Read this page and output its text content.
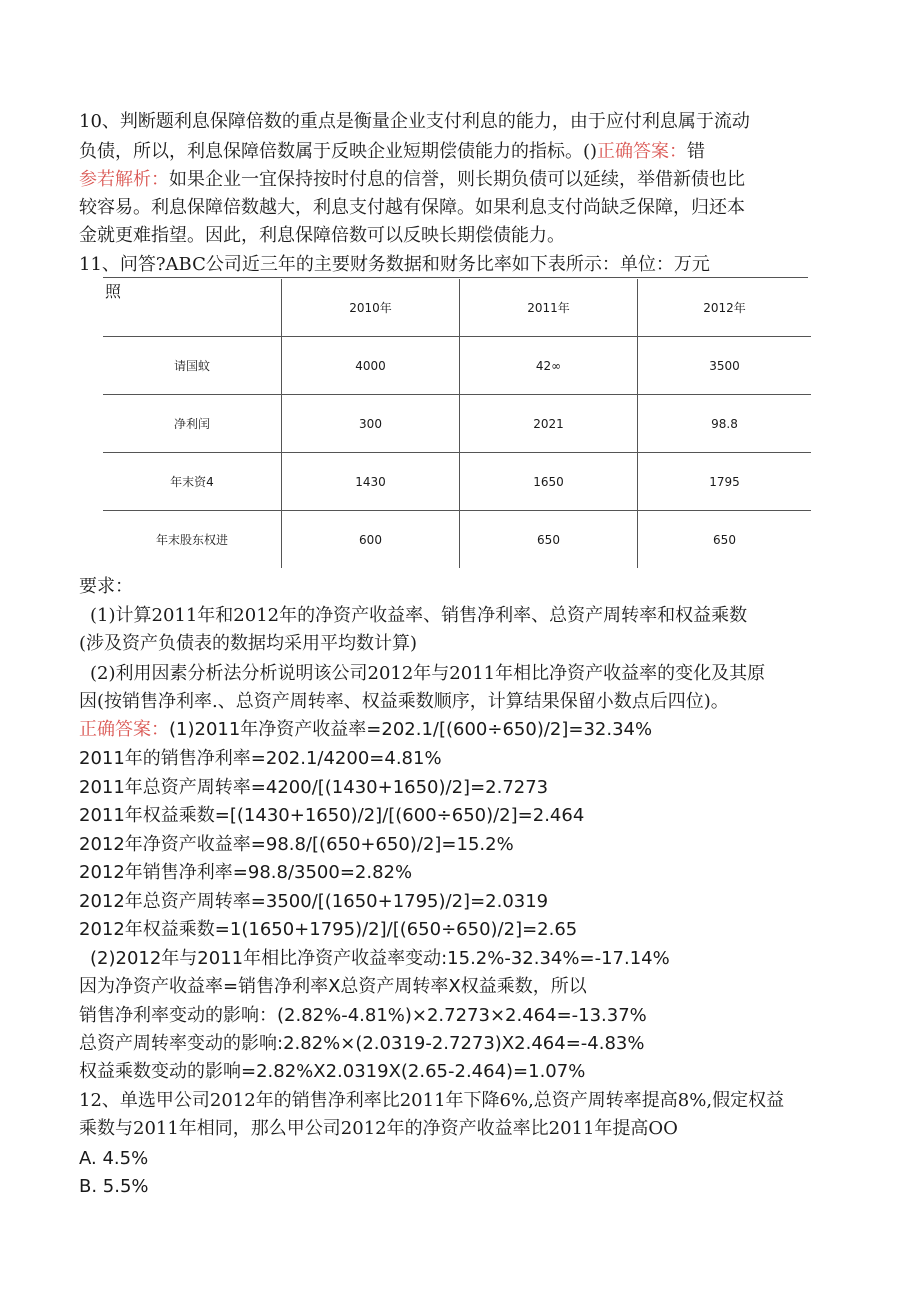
10、判断题利息保障倍数的重点是衡量企业支付利息的能力，由于应付利息属于流动
负债，所以，利息保障倍数属于反映企业短期偿债能力的指标。()正确答案：错
参若解析：如果企业一宜保持按时付息的信誉，则长期负债可以延续，举借新债也比
较容易。利息保障倍数越大，利息支付越有保障。如果利息支付尚缺乏保障，归还本
金就更难指望。因此，利息保障倍数可以反映长期偿债能力。
11、问答?ABC公司近三年的主要财务数据和财务比率如下表所示：单位：万元
照	2010年	2011年	2012年
请国蚊	4000	42∞	3500
净利闰	300	2021	98.8
年末资4	1430	1650	1795
年末股东权进	600	650	650
要求：
(1)计算2011年和2012年的净资产收益率、销售净利率、总资产周转率和权益乘数
(涉及资产负债表的数据均采用平均数计算)
(2)利用因素分析法分析说明该公司2012年与2011年相比净资产收益率的变化及其原
因(按销售净利率.、总资产周转率、权益乘数顺序，计算结果保留小数点后四位)。
正确答案：(1)2011年净资产收益率=202.1/[(600÷650)/2]=32.34%
2011年的销售净利率=202.1/4200=4.81%
2011年总资产周转率=4200/[(1430+1650)/2]=2.7273
2011年权益乘数=[(1430+1650)/2]/[(600÷650)/2]=2.464
2012年净资产收益率=98.8/[(650+650)/2]=15.2%
2012年销售净利率=98.8/3500=2.82%
2012年总资产周转率=3500/[(1650+1795)/2]=2.0319
2012年权益乘数=1(1650+1795)/2]/[(650÷650)/2]=2.65
(2)2012年与2011年相比净资产收益率变动:15.2%-32.34%=-17.14%
因为净资产收益率=销售净利率X总资产周转率X权益乘数，所以
销售净利率变动的影响：(2.82%-4.81%)×2.7273×2.464=-13.37%
总资产周转率变动的影响:2.82%×(2.0319-2.7273)X2.464=-4.83%
权益乘数变动的影响=2.82%X2.0319X(2.65-2.464)=1.07%
12、单选甲公司2012年的销售净利率比2011年下降6%,总资产周转率提高8%,假定权益
乘数与2011年相同，那么甲公司2012年的净资产收益率比2011年提高OO
A. 4.5%
B. 5.5%
